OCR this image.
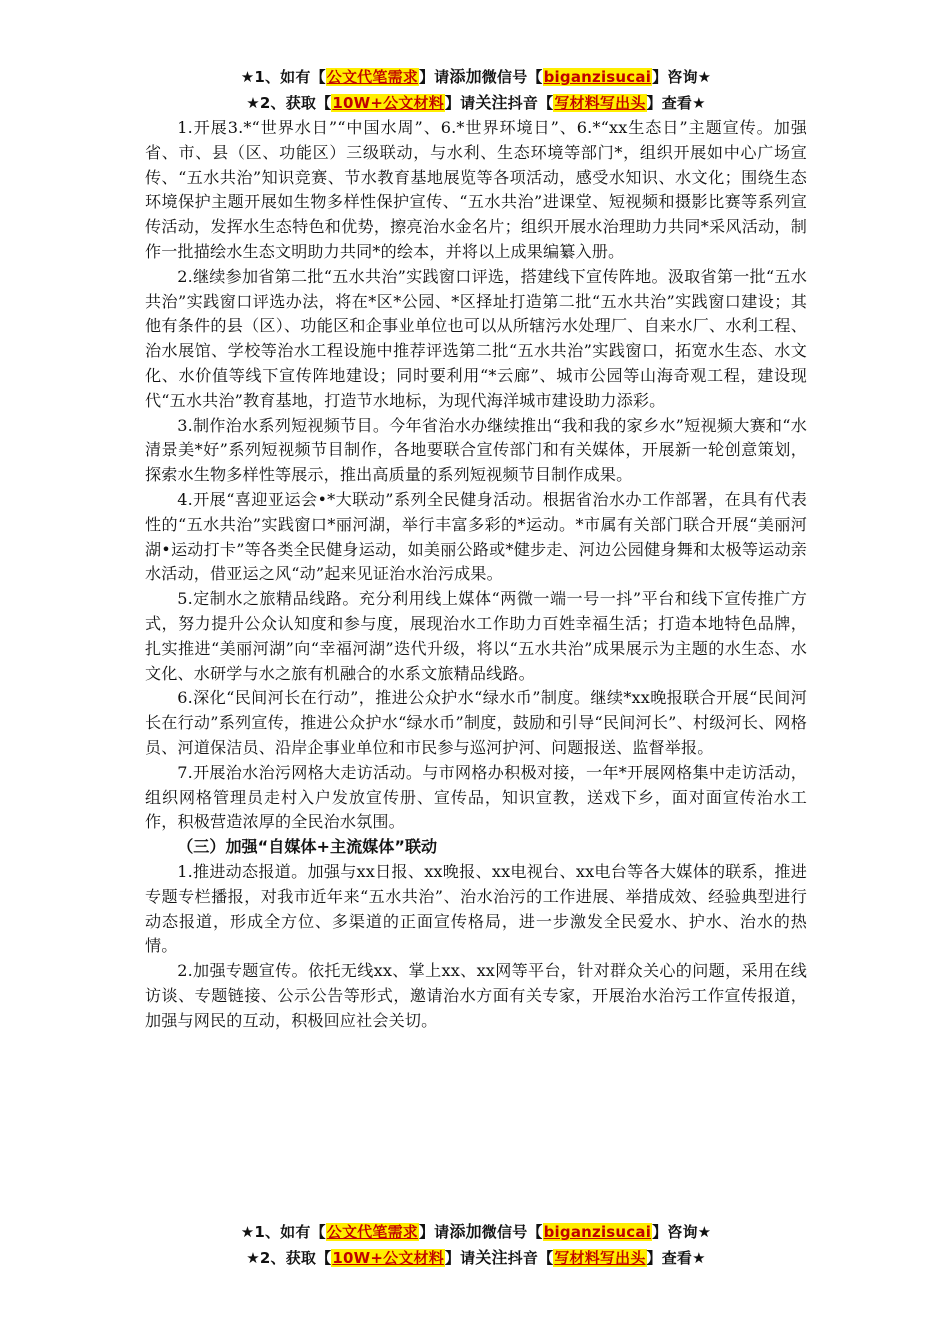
★1、如有【公文代笔需求】请添加微信号【biganzisucai】咨询★
★2、获取【10W+公文材料】请关注抖音【写材料写出头】查看★

1.开展3.*“世界水日”“中国水周”、6.*世界环境日”、6.*“xx生态日”主题宣传。加强省、市、县（区、功能区）三级联动，与水利、生态环境等部门*，组织开展如中心广场宣传、“五水共治”知识竞赛、节水教育基地展览等各项活动，感受水知识、水文化；围绕生态环境保护主题开展如生物多样性保护宣传、“五水共治”进课堂、短视频和摄影比赛等系列宣传活动，发挥水生态特色和优势，擦亮治水金名片；组织开展水治理助力共同*采风活动，制作一批描绘水生态文明助力共同*的绘本，并将以上成果编纂入册。

2.继续参加省第二批“五水共治”实践窗口评选，搭建线下宣传阵地。汲取省第一批“五水共治”实践窗口评选办法，将在*区*公园、*区择址打造第二批“五水共治”实践窗口建设；其他有条件的县（区）、功能区和企事业单位也可以从所辖污水处理厂、自来水厂、水利工程、治水展馆、学校等治水工程设施中推荐评选第二批“五水共治”实践窗口，拓宽水生态、水文化、水价值等线下宣传阵地建设；同时要利用“*云廊”、城市公园等山海奇观工程，建设现代“五水共治”教育基地，打造节水地标，为现代海洋城市建设助力添彩。

3.制作治水系列短视频节目。今年省治水办继续推出“我和我的家乡水”短视频大赛和“水清景美*好”系列短视频节目制作，各地要联合宣传部门和有关媒体，开展新一轮创意策划，探索水生物多样性等展示，推出高质量的系列短视频节目制作成果。

4.开展“喜迎亚运会•*大联动”系列全民健身活动。根据省治水办工作部署，在具有代表性的“五水共治”实践窗口*丽河湖，举行丰富多彩的*运动。*市属有关部门联合开展“美丽河湖•运动打卡”等各类全民健身运动，如美丽公路或*健步走、河边公园健身舞和太极等运动亲水活动，借亚运之风“动”起来见证治水治污成果。

5.定制水之旅精品线路。充分利用线上媒体“两微一端一号一抖”平台和线下宣传推广方式，努力提升公众认知度和参与度，展现治水工作助力百姓幸福生活；打造本地特色品牌，扎实推进“美丽河湖”向“幸福河湖”迭代升级，将以“五水共治”成果展示为主题的水生态、水文化、水研学与水之旅有机融合的水系文旅精品线路。

6.深化“民间河长在行动”，推进公众护水“绿水币”制度。继续*xx晚报联合开展“民间河长在行动”系列宣传，推进公众护水“绿水币”制度，鼓励和引导“民间河长”、村级河长、网格员、河道保洁员、沿岸企事业单位和市民参与巡河护河、问题报送、监督举报。

7.开展治水治污网格大走访活动。与市网格办积极对接，一年*开展网格集中走访活动，组织网格管理员走村入户发放宣传册、宣传品，知识宣教，送戏下乡，面对面宣传治水工作，积极营造浓厚的全民治水氛围。

（三）加强“自媒体+主流媒体”联动

1.推进动态报道。加强与xx日报、xx晚报、xx电视台、xx电台等各大媒体的联系，推进专题专栏播报，对我市近年来“五水共治”、治水治污的工作进展、举措成效、经验典型进行动态报道，形成全方位、多渠道的正面宣传格局，进一步激发全民爱水、护水、治水的热情。

2.加强专题宣传。依托无线xx、掌上xx、xx网等平台，针对群众关心的问题，采用在线访谈、专题链接、公示公告等形式，邀请治水方面有关专家，开展治水治污工作宣传报道，加强与网民的互动，积极回应社会关切。

★1、如有【公文代笔需求】请添加微信号【biganzisucai】咨询★
★2、获取【10W+公文材料】请关注抖音【写材料写出头】查看★
